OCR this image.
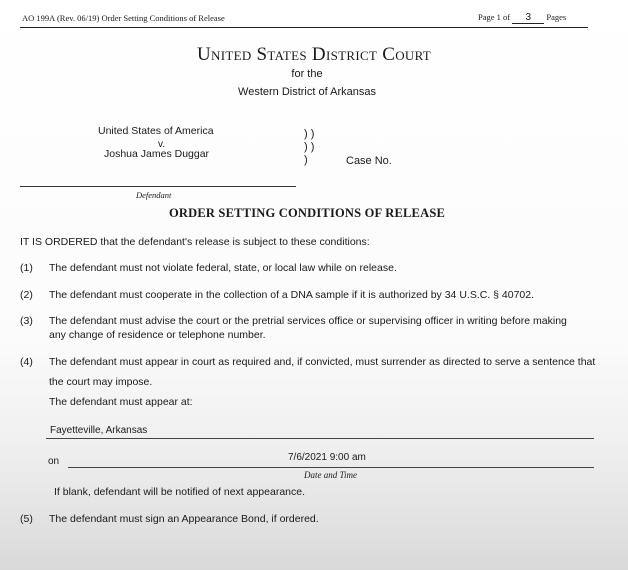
AO 199A (Rev. 06/19) Order Setting Conditions of Release	Page 1 of 3 Pages
United States District Court
for the
Western District of Arkansas
United States of America
v.
Joshua James Duggar
) ) ) ) )	Case No.
Defendant
ORDER SETTING CONDITIONS OF RELEASE
IT IS ORDERED that the defendant's release is subject to these conditions:
(1) The defendant must not violate federal, state, or local law while on release.
(2) The defendant must cooperate in the collection of a DNA sample if it is authorized by 34 U.S.C. § 40702.
(3) The defendant must advise the court or the pretrial services office or supervising officer in writing before making
any change of residence or telephone number.
(4) The defendant must appear in court as required and, if convicted, must surrender as directed to serve a sentence that
the court may impose.
The defendant must appear at:
Fayetteville, Arkansas
on	7/6/2021 9:00 am
Date and Time
If blank, defendant will be notified of next appearance.
(5) The defendant must sign an Appearance Bond, if ordered.
